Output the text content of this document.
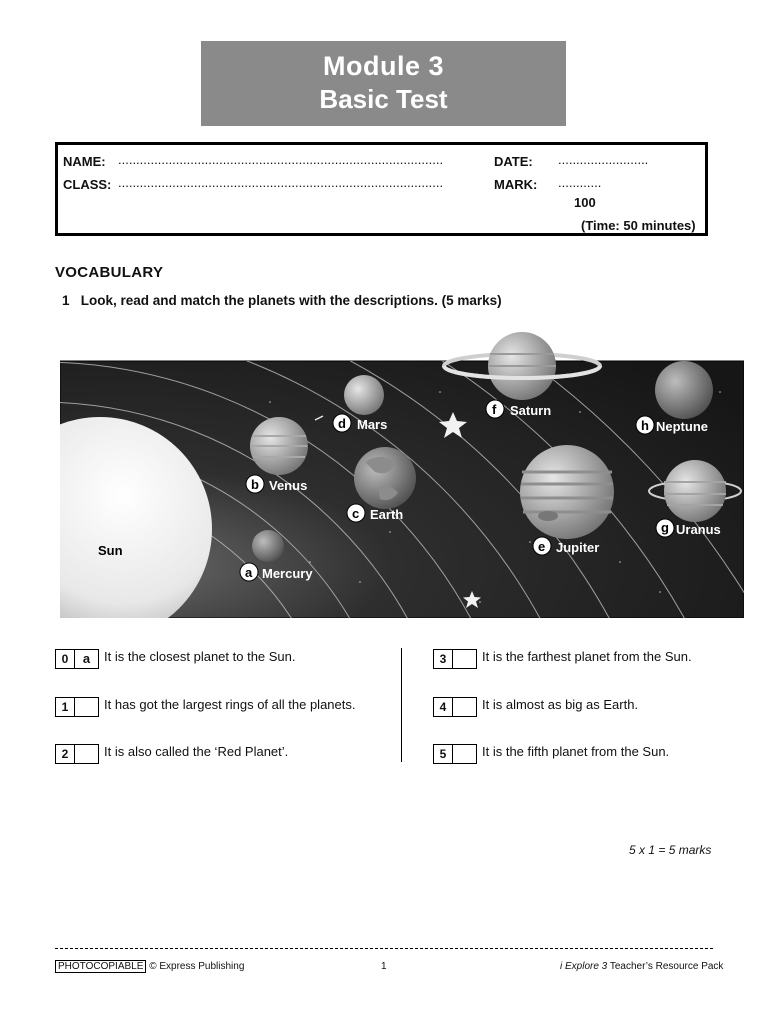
Module 3
Basic Test
NAME: ..........................................................................................
CLASS: ..........................................................................................
DATE: .........................
MARK: ............
100
(Time: 50 minutes)
VOCABULARY
1 Look, read and match the planets with the descriptions. (5 marks)
Sun
a Mercury
b Venus
c Earth
d Mars
e Jupiter
f Saturn
g Uranus
h Neptune
0	a	It is the closest planet to the Sun.
1	It has got the largest rings of all the planets.
2	It is also called the ‘Red Planet’.
3	It is the farthest planet from the Sun.
4	It is almost as big as Earth.
5	It is the fifth planet from the Sun.
5 x 1 = 5 marks
PHOTOCOPIABLE © Express Publishing	1	i Explore 3 Teacher’s Resource Pack
